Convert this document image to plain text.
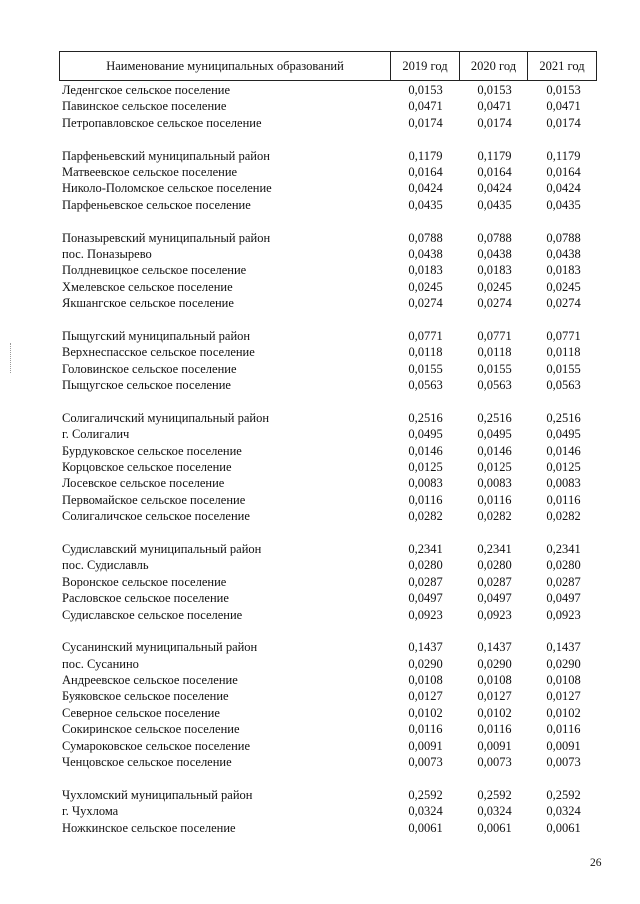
Наименование муниципальных образований	2019 год	2020 год	2021 год
Леденгское сельское поселение	0,0153	0,0153	0,0153
Павинское сельское поселение	0,0471	0,0471	0,0471
Петропавловское сельское поселение	0,0174	0,0174	0,0174
Парфеньевский муниципальный район	0,1179	0,1179	0,1179
Матвеевское сельское поселение	0,0164	0,0164	0,0164
Николо-Поломское сельское поселение	0,0424	0,0424	0,0424
Парфеньевское сельское поселение	0,0435	0,0435	0,0435
Поназыревский муниципальный район	0,0788	0,0788	0,0788
пос. Поназырево	0,0438	0,0438	0,0438
Полдневицкое сельское поселение	0,0183	0,0183	0,0183
Хмелевское сельское поселение	0,0245	0,0245	0,0245
Якшангское сельское поселение	0,0274	0,0274	0,0274
Пыщугский муниципальный район	0,0771	0,0771	0,0771
Верхнеспасское сельское поселение	0,0118	0,0118	0,0118
Головинское сельское поселение	0,0155	0,0155	0,0155
Пыщугское сельское поселение	0,0563	0,0563	0,0563
Солигаличский муниципальный район	0,2516	0,2516	0,2516
г. Солигалич	0,0495	0,0495	0,0495
Бурдуковское сельское поселение	0,0146	0,0146	0,0146
Корцовское сельское поселение	0,0125	0,0125	0,0125
Лосевское сельское поселение	0,0083	0,0083	0,0083
Первомайское сельское поселение	0,0116	0,0116	0,0116
Солигаличское сельское поселение	0,0282	0,0282	0,0282
Судиславский муниципальный район	0,2341	0,2341	0,2341
пос. Судиславль	0,0280	0,0280	0,0280
Воронское сельское поселение	0,0287	0,0287	0,0287
Расловское сельское поселение	0,0497	0,0497	0,0497
Судиславское сельское поселение	0,0923	0,0923	0,0923
Сусанинский муниципальный район	0,1437	0,1437	0,1437
пос. Сусанино	0,0290	0,0290	0,0290
Андреевское сельское поселение	0,0108	0,0108	0,0108
Буяковское сельское поселение	0,0127	0,0127	0,0127
Северное сельское поселение	0,0102	0,0102	0,0102
Сокиринское сельское поселение	0,0116	0,0116	0,0116
Сумароковское сельское поселение	0,0091	0,0091	0,0091
Ченцовское сельское поселение	0,0073	0,0073	0,0073
Чухломский муниципальный район	0,2592	0,2592	0,2592
г. Чухлома	0,0324	0,0324	0,0324
Ножкинское сельское поселение	0,0061	0,0061	0,0061
26
